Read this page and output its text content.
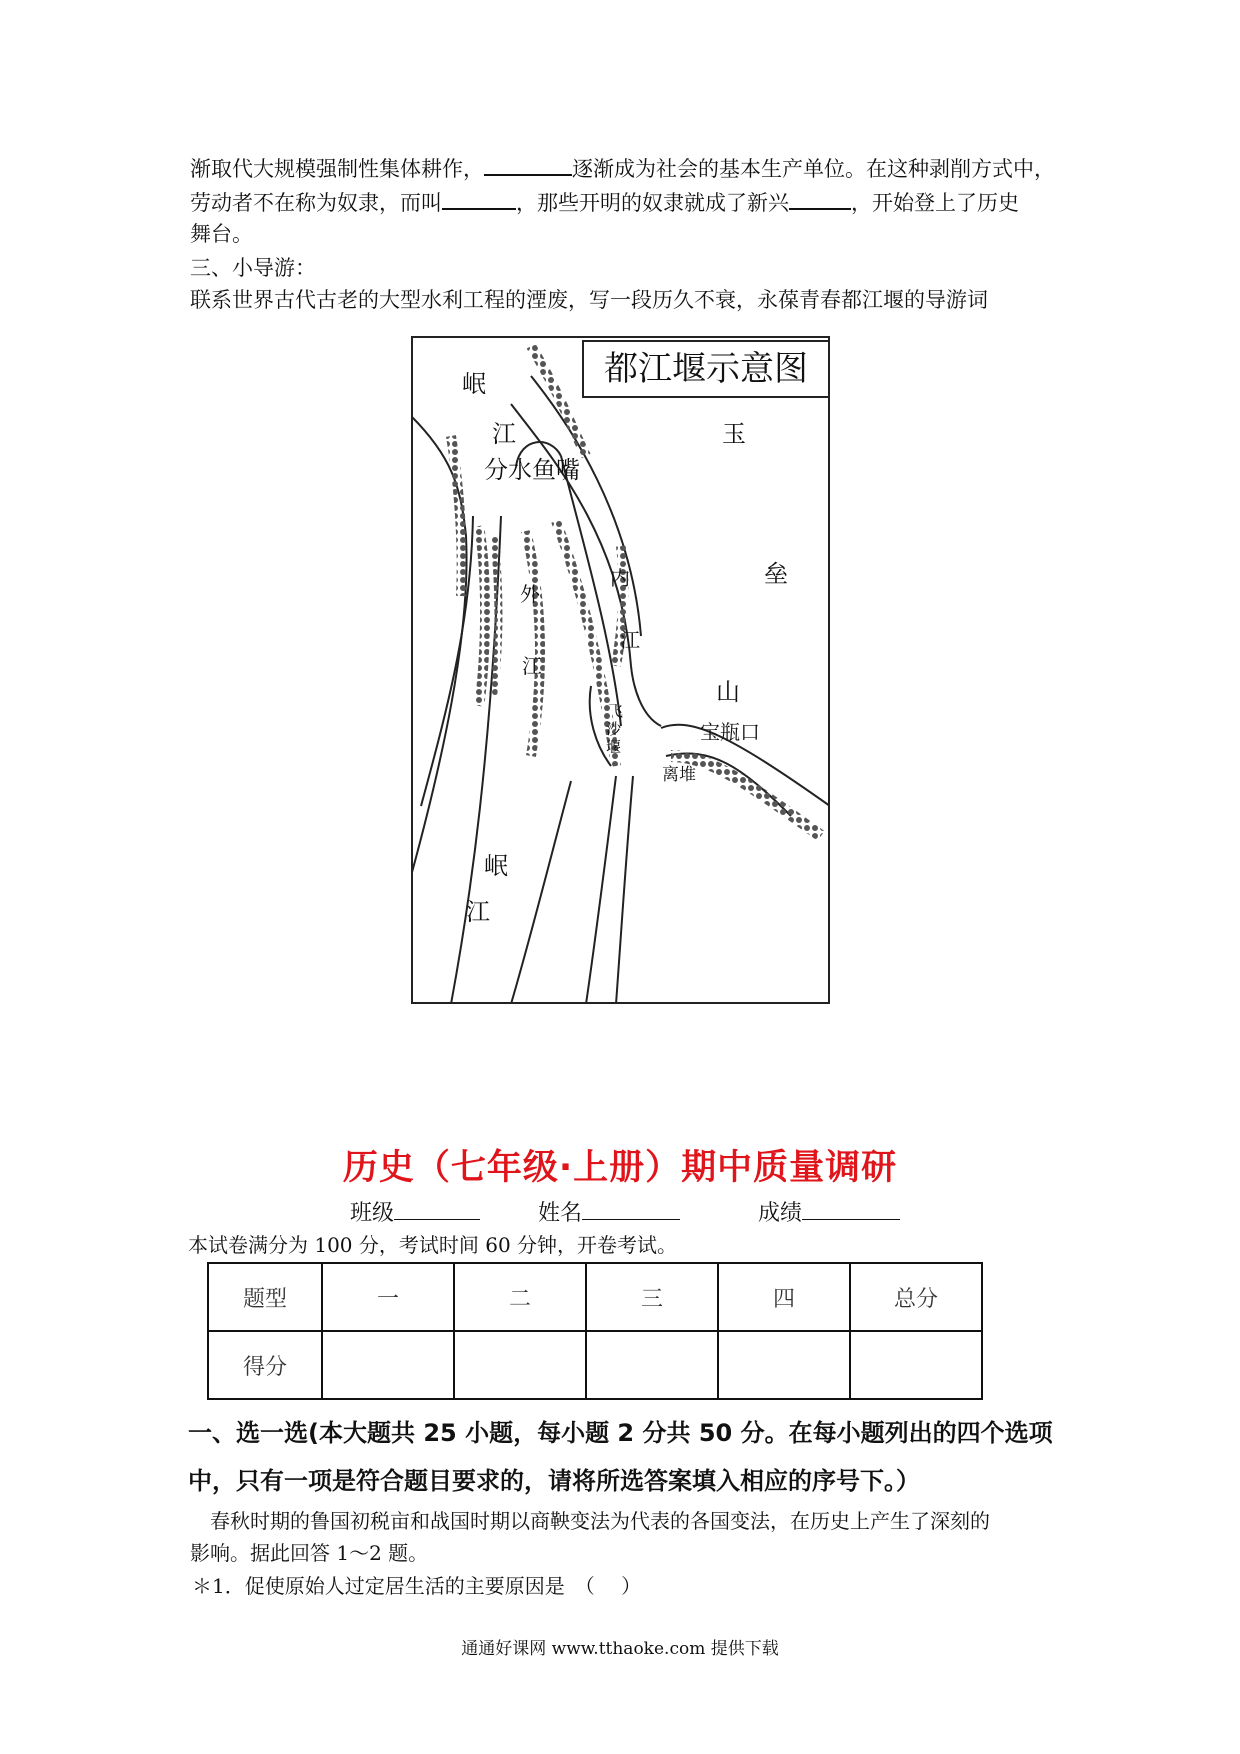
渐取代大规模强制性集体耕作，	逐渐成为社会的基本生产单位。在这种剥削方式中，
劳动者不在称为奴隶，而叫	，那些开明的奴隶就成了新兴	，开始登上了历史
舞台。
三、小导游：
联系世界古代古老的大型水利工程的湮废，写一段历久不衰，永葆青春都江堰的导游词
都江堰示意图
岷
江
分水鱼嘴
玉
垒
山
外
江
内
江
宝瓶口
飞
沙
堰
离堆
岷
江
历史（七年级·上册）期中质量调研
班级	姓名	成绩
本试卷满分为 100 分，考试时间 60 分钟，开卷考试。
题型	一	二	三	四	总分
得分					
一、选一选(本大题共 25 小题，每小题 2 分共 50 分。在每小题列出的四个选项
中，只有一项是符合题目要求的，请将所选答案填入相应的序号下。）
春秋时期的鲁国初税亩和战国时期以商鞅变法为代表的各国变法，在历史上产生了深刻的
影响。据此回答 1～2 题。
＊1．促使原始人过定居生活的主要原因是　（　 ）
通通好课网 www.tthaoke.com 提供下载
